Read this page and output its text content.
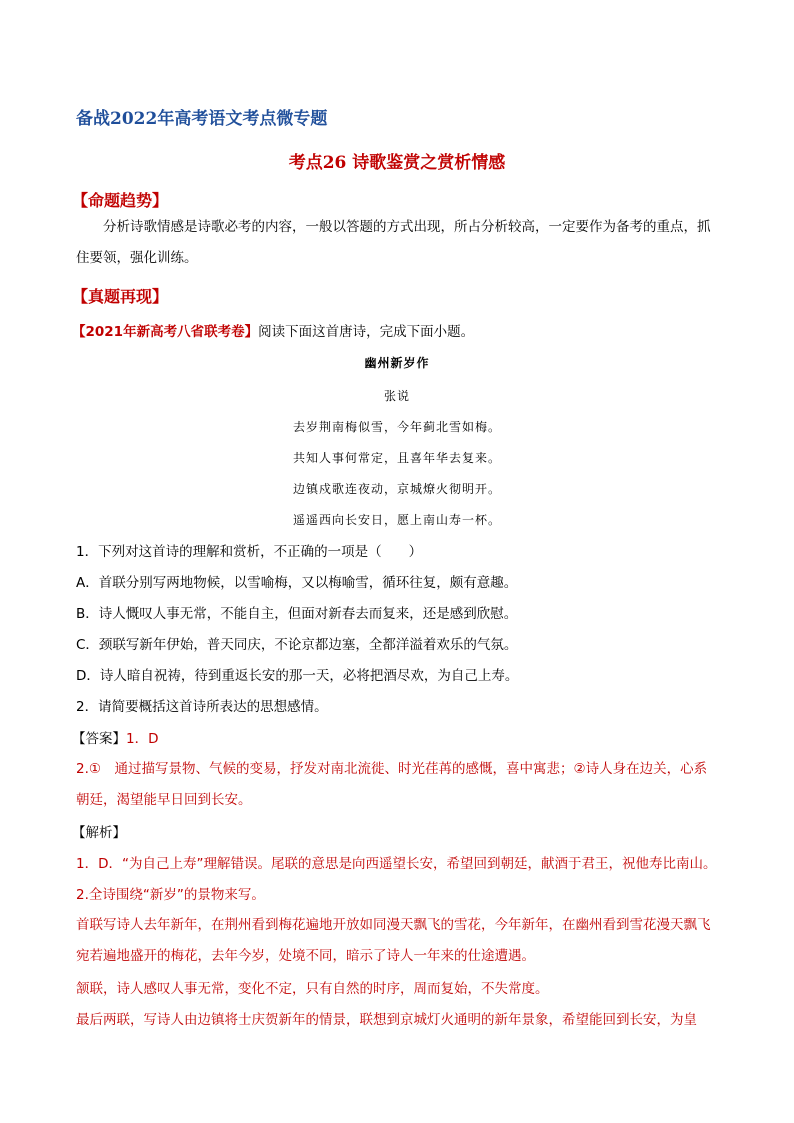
备战2022年高考语文考点微专题
考点26 诗歌鉴赏之赏析情感
【命题趋势】
分析诗歌情感是诗歌必考的内容，一般以答题的方式出现，所占分析较高，一定要作为备考的重点，抓住要领，强化训练。
【真题再现】
【2021年新高考八省联考卷】阅读下面这首唐诗，完成下面小题。
幽州新岁作
张说
去岁荆南梅似雪，今年蓟北雪如梅。
共知人事何常定，且喜年华去复来。
边镇戍歌连夜动，京城燎火彻明开。
遥遥西向长安日，愿上南山寿一杯。
1．下列对这首诗的理解和赏析，不正确的一项是（　　）
A．首联分别写两地物候，以雪喻梅，又以梅喻雪，循环往复，颇有意趣。
B．诗人慨叹人事无常，不能自主，但面对新春去而复来，还是感到欣慰。
C．颈联写新年伊始，普天同庆，不论京都边塞，全都洋溢着欢乐的气氛。
D．诗人暗自祝祷，待到重返长安的那一天，必将把酒尽欢，为自己上寿。
2．请简要概括这首诗所表达的思想感情。
【答案】1．D
2.①　通过描写景物、气候的变易，抒发对南北流徙、时光荏苒的感慨，喜中寓悲；②诗人身在边关，心系朝廷，渴望能早日回到长安。
【解析】
1．D．“为自己上寿”理解错误。尾联的意思是向西遥望长安，希望回到朝廷，献酒于君王，祝他寿比南山。
2.全诗围绕“新岁”的景物来写。
首联写诗人去年新年，在荆州看到梅花遍地开放如同漫天飘飞的雪花，今年新年，在幽州看到雪花漫天飘飞宛若遍地盛开的梅花，去年今岁，处境不同，暗示了诗人一年来的仕途遭遇。
颔联，诗人感叹人事无常，变化不定，只有自然的时序，周而复始，不失常度。
最后两联，写诗人由边镇将士庆贺新年的情景，联想到京城灯火通明的新年景象，希望能回到长安，为皇
